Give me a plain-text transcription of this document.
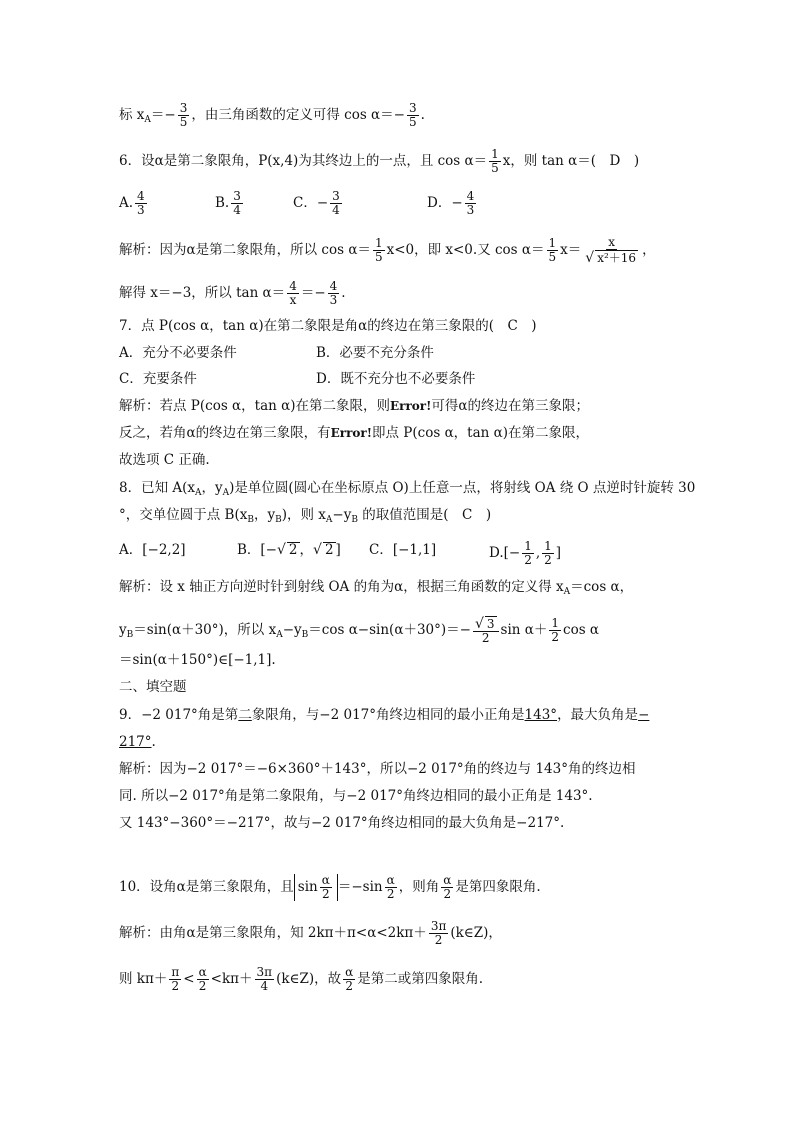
标 $x_A=- \frac{3}{5}$ ，由三角函数的定义可得 $\cos \alpha=- \frac{3}{5}$ .
6．设α是第二象限角，P(x,4)为其终边上的一点，且 $\cos \alpha= \frac{1}{5}$ x，则 tan α＝(　D　)
A. $\frac{4}{3}$	B. $\frac{3}{4}$	C．− $\frac{3}{4}$	D．− $\frac{4}{3}$
解析：因为α是第二象限角，所以 $\cos \alpha= \frac{1}{5} x<0$，即 x<0.又 $\cos \alpha= \frac{1}{5} x= \frac{x}{\text{√ x²＋16}}$ ，
解得 x＝−3，所以 $\tan \alpha= \frac{4}{x} =- \frac{4}{3}$ .
7．点 P(cos α，tan α)在第二象限是角α的终边在第三象限的(　C　)
A．充分不必要条件	B．必要不充分条件
C．充要条件	D．既不充分也不必要条件
解析：若点 P(cos α，tan α)在第二象限，则Error!可得α的终边在第三象限；
反之，若角α的终边在第三象限，有Error!即点 P(cos α，tan α)在第二象限，
故选项 C 正确.
8．已知 $A(x_A$，$y_A$)是单位圆(圆心在坐标原点 O)上任意一点，将射线 OA 绕 O 点逆时针旋转 30
°，交单位圆于点 $B(x_B$，$y_B$)，则 $x_A-y_B$ 的取值范围是(　C　)
A．[−2,2]	B．[−√ 2 ，√ 2 ] C．[−1,1]	$D.[- \frac{1}{2}$ , $\frac{1}{2}$ ]
解析：设 x 轴正方向逆时针到射线 OA 的角为α，根据三角函数的定义得 $x_A=\cos$ α，
$y_B=\sin(\alpha+30^\circ)$，所以 $x_A-y_B=\cos$ $\alpha-\sin(\alpha+30^\circ)=- \frac{√ 3}{2}$ $\sin \alpha+ \frac{1}{2}$ cos α
＝sin(α＋150°)∈[−1,1].
二、填空题
9．−2 017°角是第二象限角，与−2 017°角终边相同的最小正角是143°，最大负角是−
217°.
解析：因为−2 017°＝−6×360°＋143°，所以−2 017°角的终边与 143°角的终边相
同. 所以−2 017°角是第二象限角，与−2 017°角终边相同的最小正角是 143°.
又 143°−360°＝−217°，故与−2 017°角终边相同的最大负角是−217°.
10．设角α是第三象限角，且 $\sin \frac{\alpha}{2} =-\sin \frac{\alpha}{2}$ ，则角 $\frac{\alpha}{2}$ 是第四象限角.
解析：由角α是第三象限角，知 $2k\pi+\pi<\alpha<2k\pi+ \frac{3\pi}{2}$ (k∈Z)，
则 $k\pi+ \frac{\pi}{2} < \frac{\alpha}{2} <k\pi+ \frac{3\pi}{4}$ (k∈Z)，故 $\frac{\alpha}{2}$ 是第二或第四象限角.
